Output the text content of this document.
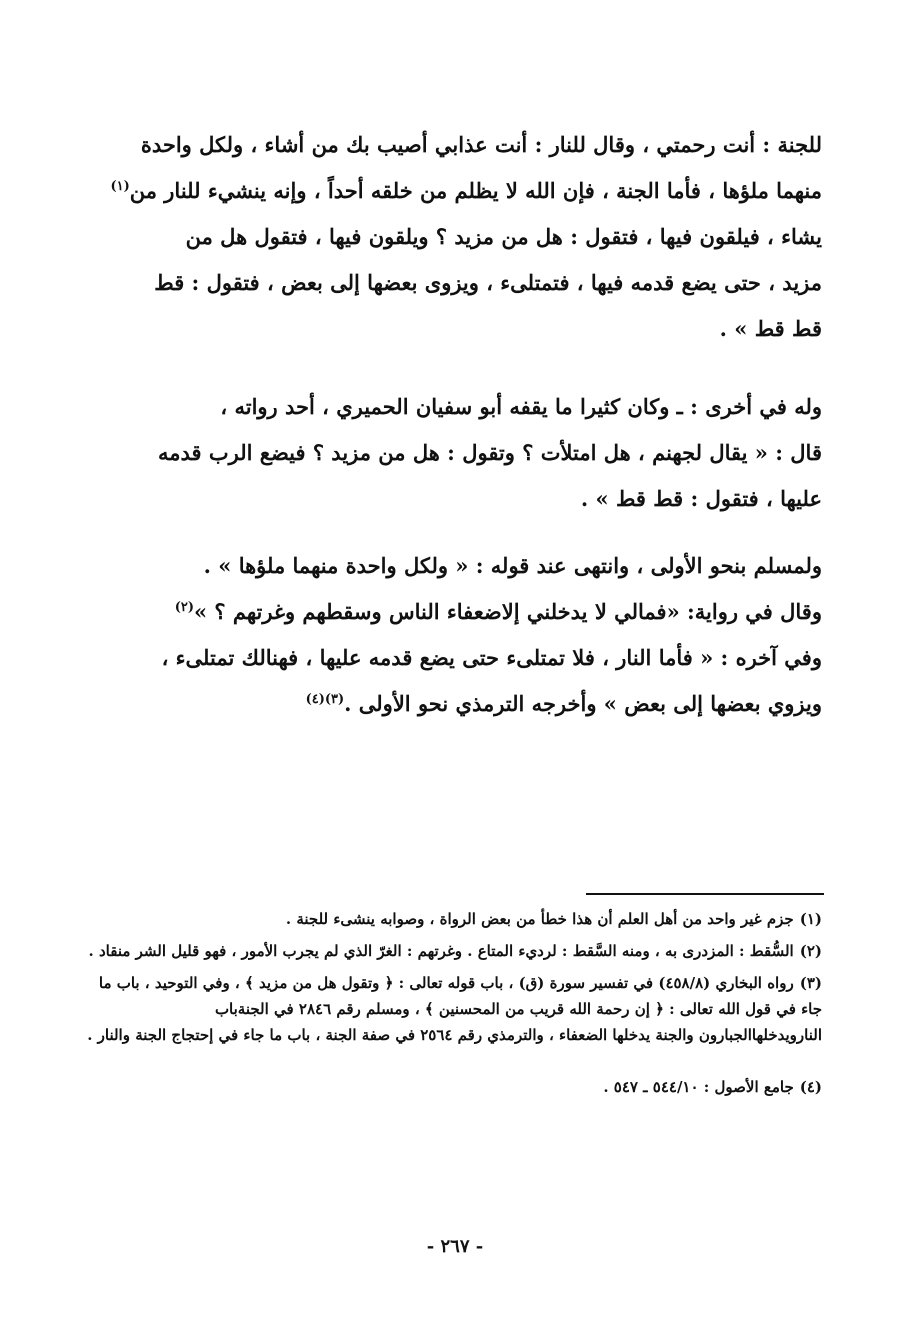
للجنة : أنت رحمتي ، وقال للنار : أنت عذابي أصيب بك من أشاء ، ولكل واحدة
منهما ملؤها ، فأما الجنة ، فإن الله لا يظلم من خلقه أحداً ، وإنه ينشيء للنار من$^{(١)}$
يشاء ، فيلقون فيها ، فتقول : هل من مزيد ؟ ويلقون فيها ، فتقول هل من
مزيد ، حتى يضع قدمه فيها ، فتمتلىء ، ويزوى بعضها إلى بعض ، فتقول : قط
قط قط » .
وله في أخرى : ـ وكان كثيرا ما يقفه أبو سفيان الحميري ، أحد رواته ،
قال : « يقال لجهنم ، هل امتلأت ؟ وتقول : هل من مزيد ؟ فيضع الرب قدمه
عليها ، فتقول : قط قط » .
ولمسلم بنحو الأولى ، وانتهى عند قوله : « ولكل واحدة منهما ملؤها » .
وقال في رواية: «فمالي لا يدخلني إلاضعفاء الناس وسقطهم وغرتهم ؟ »$^{(٢)}$
وفي آخره : « فأما النار ، فلا تمتلىء حتى يضع قدمه عليها ، فهنالك تمتلىء ،
ويزوي بعضها إلى بعض » وأخرجه الترمذي نحو الأولى .$^{(٣)(٤)}$
(١)جزم غير واحد من أهل العلم أن هذا خطأ من بعض الرواة ، وصوابه ينشىء للجنة .
(٢)السُّقط : المزدرى به ، ومنه السَّقط : لرديء المتاع . وغرتهم : الغرّ الذي لم يجرب الأمور ، فهو قليل الشر منقاد .
(٣)رواه البخاري (٤٥٨/٨) في تفسير سورة (ق) ، باب قوله تعالى : ﴿ وتقول هل من مزيد ﴾ ، وفي التوحيد ، باب ما جاء في قول الله تعالى : ﴿ إن رحمة الله قريب من المحسنين ﴾ ، ومسلم رقم ٢٨٤٦ في الجنةباب النارويدخلهاالجبارون والجنة يدخلها الضعفاء ، والترمذي رقم ٢٥٦٤ في صفة الجنة ، باب ما جاء في إحتجاج الجنة والنار .
(٤)جامع الأصول : ٥٤٤/١٠ ـ ٥٤٧ .
- ٢٦٧ -
